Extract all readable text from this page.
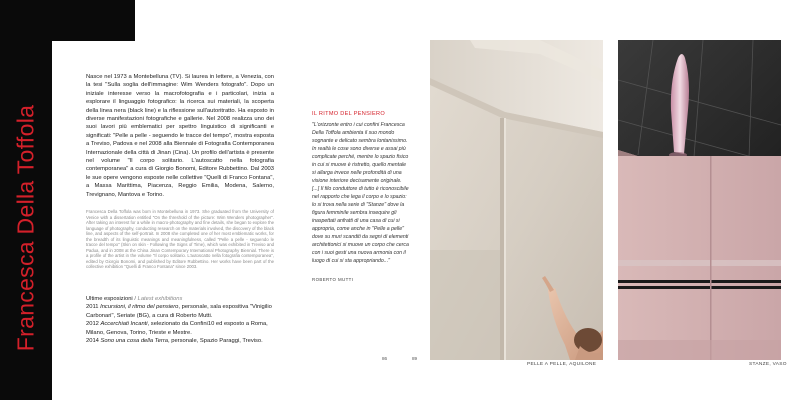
Francesca Della Toffola
Nasce nel 1973 a Montebelluna (TV). Si laurea in lettere, a Venezia, con la tesi "Sulla soglia dell'immagine: Wim Wenders fotografo". Dopo un iniziale interesse verso la macrofotografia e i particolari, inizia a esplorare il linguaggio fotografico: la ricerca sui materiali, la scoperta della linea nera (black line) e la riflessione sull'autoritratto. Ha esposto in diverse manifestazioni fotografiche e gallerie. Nel 2008 realizza uno dei suoi lavori più emblematici per spettro linguistico di significanti e significati: "Pelle a pelle - seguendo le tracce del tempo", mostra esposta a Treviso, Padova e nel 2008 alla Biennale di Fotografia Contemporanea Internazionale della città di Jinan (Cina). Un profilo dell'artista è presente nel volume "Il corpo solitario. L'autoscatto nella fotografia contemporanea" a cura di Giorgio Bonomi, Editore Rubbettino. Dal 2003 le sue opere vengono esposte nelle collettive "Quelli di Franco Fontana", a Massa Marittima, Piacenza, Reggio Emilia, Modena, Salerno, Trevignano, Mantova e Torino.
Francesca Della Toffola was born in Montebelluna in 1973. She graduated from the University of Venice with a dissertation entitled "On the threshold of the picture: Wim Wenders photographer". After taking an interest for a while in macro-photography and fine details, she began to explore the language of photography, conducting research on the materials involved, the discovery of the black line, and aspects of the self-portrait. In 2008 she completed one of her most emblematic works, for the breadth of its linguistic meanings and meaningfulness, called "Pelle a pelle - seguendo le tracce del tempo" (Skin on skin - Following the Signs of Time), which was exhibited in Treviso and Padua, and in 2008 at the China Jinan Contemporary International Photography Biennial. There is a profile of the artist in the volume "Il corpo solitario. L'autoscatto nella fotografia contemporanea", edited by Giorgio Bonomi, and published by Editore Rubbettino. Her works have been part of the collective exhibition "Quelli di Franco Fontana" since 2003.
Ultime esposizioni / Latest exhibitions
2011 Incursioni, il ritmo del pensiero, personale, sala espositiva "Vinigilio Carbonari", Seriate (BG), a cura di Roberto Mutti.
2012 Accerchiati Incanti, selezionato da Confini10 ed esposto a Roma, Milano, Genova, Torino, Trieste e Mestre.
2014 Sono una cosa della Terra, personale, Spazio Paraggi, Treviso.
IL RITMO DEL PENSIERO
"L'orizzonte entro i cui confini Francesca Della Toffola ambienta il suo mondo sognante e delicato sembra lontanissimo. In realtà le cose sono diverse e assai più complicate perché, mentre lo spazio fisico in cui si muove è ristretto, quello mentale si allarga invece nelle profondità di una visione interiore decisamente originale. [...] Il filo conduttore di tutto è riconoscibile nel rapporto che lega il corpo e lo spazio: lo si trova nella serie di "Stanze" dove la figura femminile sembra insequire gli inaspettati anfratti di una casa di cui si appropria, come anche in "Pelle a pelle" dove su muri scanditi da segni di elementi architettonici si muove un corpo che cerca con i suoi gesti una nuova armonia con il luogo di cui si sta appropriando..."
ROBERTO MUTTI
86	89
PELLE A PELLE, AQUILONE	STANZE, VASO
